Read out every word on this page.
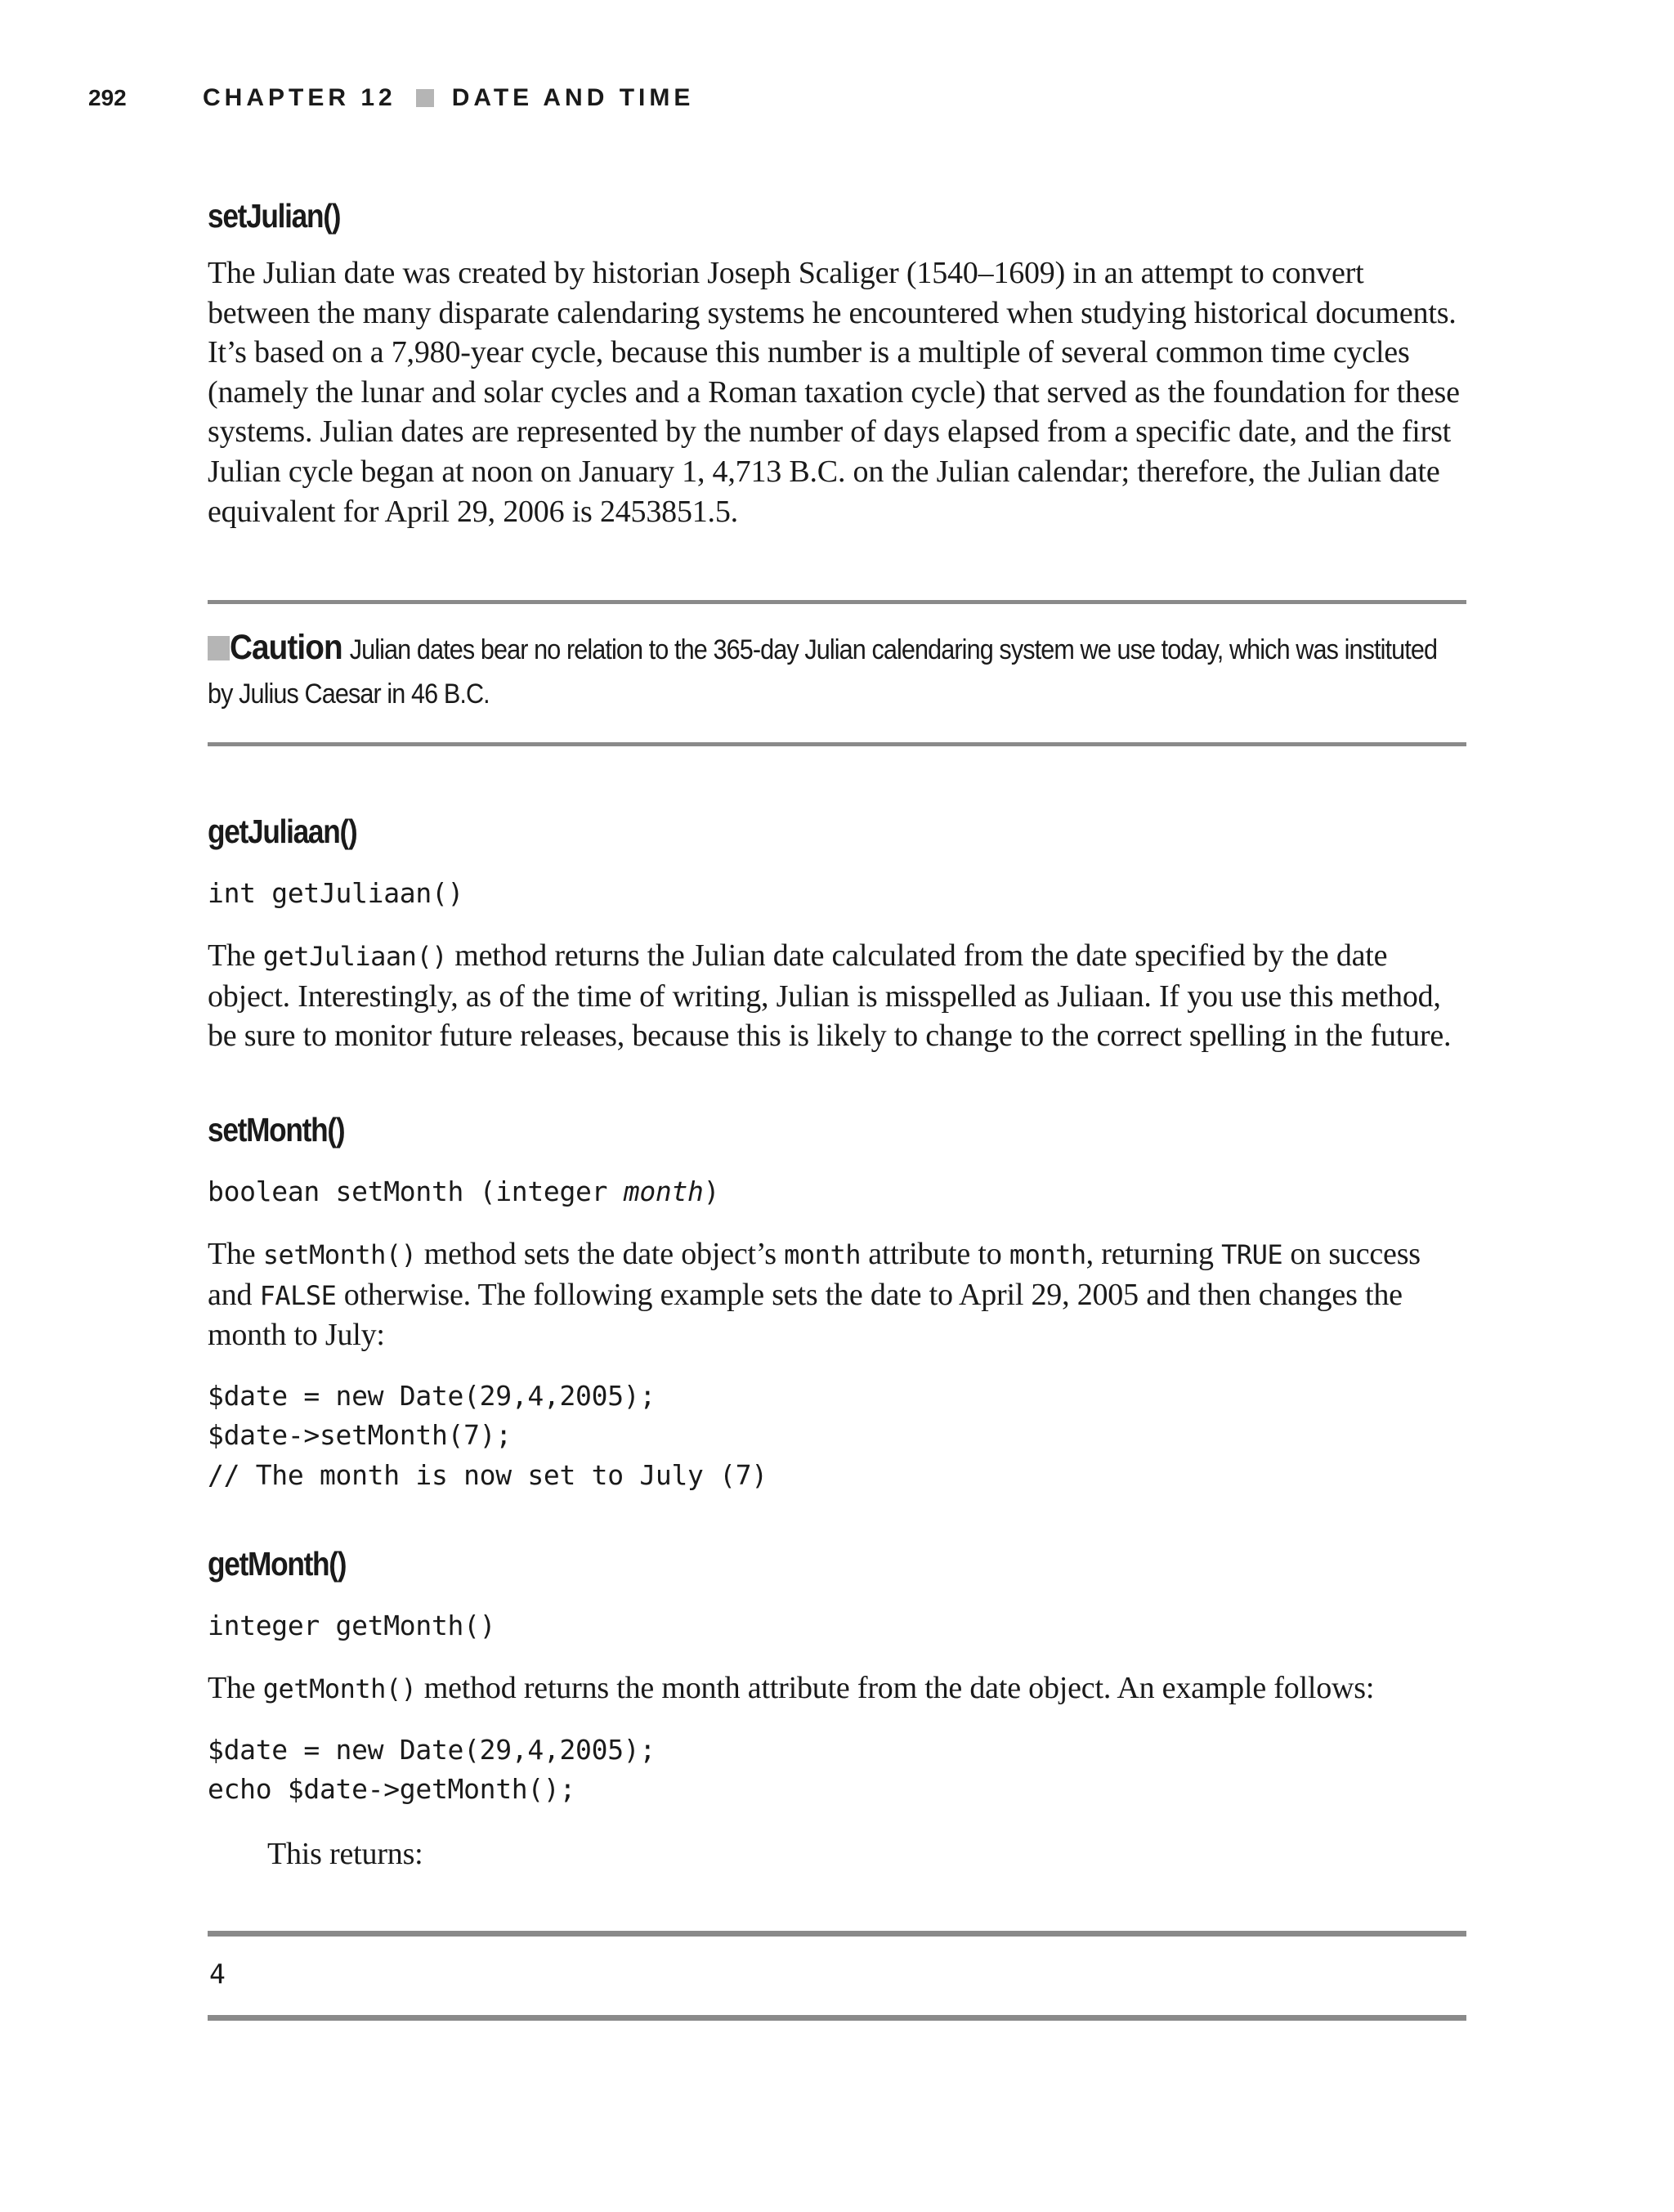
292	CHAPTER 12 DATE AND TIME
setJulian()

The Julian date was created by historian Joseph Scaliger (1540–1609) in an attempt to convert between the many disparate calendaring systems he encountered when studying historical documents. It’s based on a 7,980-year cycle, because this number is a multiple of several common time cycles (namely the lunar and solar cycles and a Roman taxation cycle) that served as the foundation for these systems. Julian dates are represented by the number of days elapsed from a specific date, and the first Julian cycle began at noon on January 1, 4,713 B.C. on the Julian calendar; therefore, the Julian date equivalent for April 29, 2006 is 2453851.5.

Caution Julian dates bear no relation to the 365-day Julian calendaring system we use today, which was instituted by Julius Caesar in 46 B.C.

getJuliaan()
int getJuliaan()

The getJuliaan() method returns the Julian date calculated from the date specified by the date object. Interestingly, as of the time of writing, Julian is misspelled as Juliaan. If you use this method, be sure to monitor future releases, because this is likely to change to the correct spelling in the future.

setMonth()
boolean setMonth (integer month)

The setMonth() method sets the date object’s month attribute to month, returning TRUE on success and FALSE otherwise. The following example sets the date to April 29, 2005 and then changes the month to July:

$date = new Date(29,4,2005);
$date->setMonth(7);
// The month is now set to July (7)
getMonth()
integer getMonth()

The getMonth() method returns the month attribute from the date object. An example follows:

$date = new Date(29,4,2005);
echo $date->getMonth();

This returns:

4
